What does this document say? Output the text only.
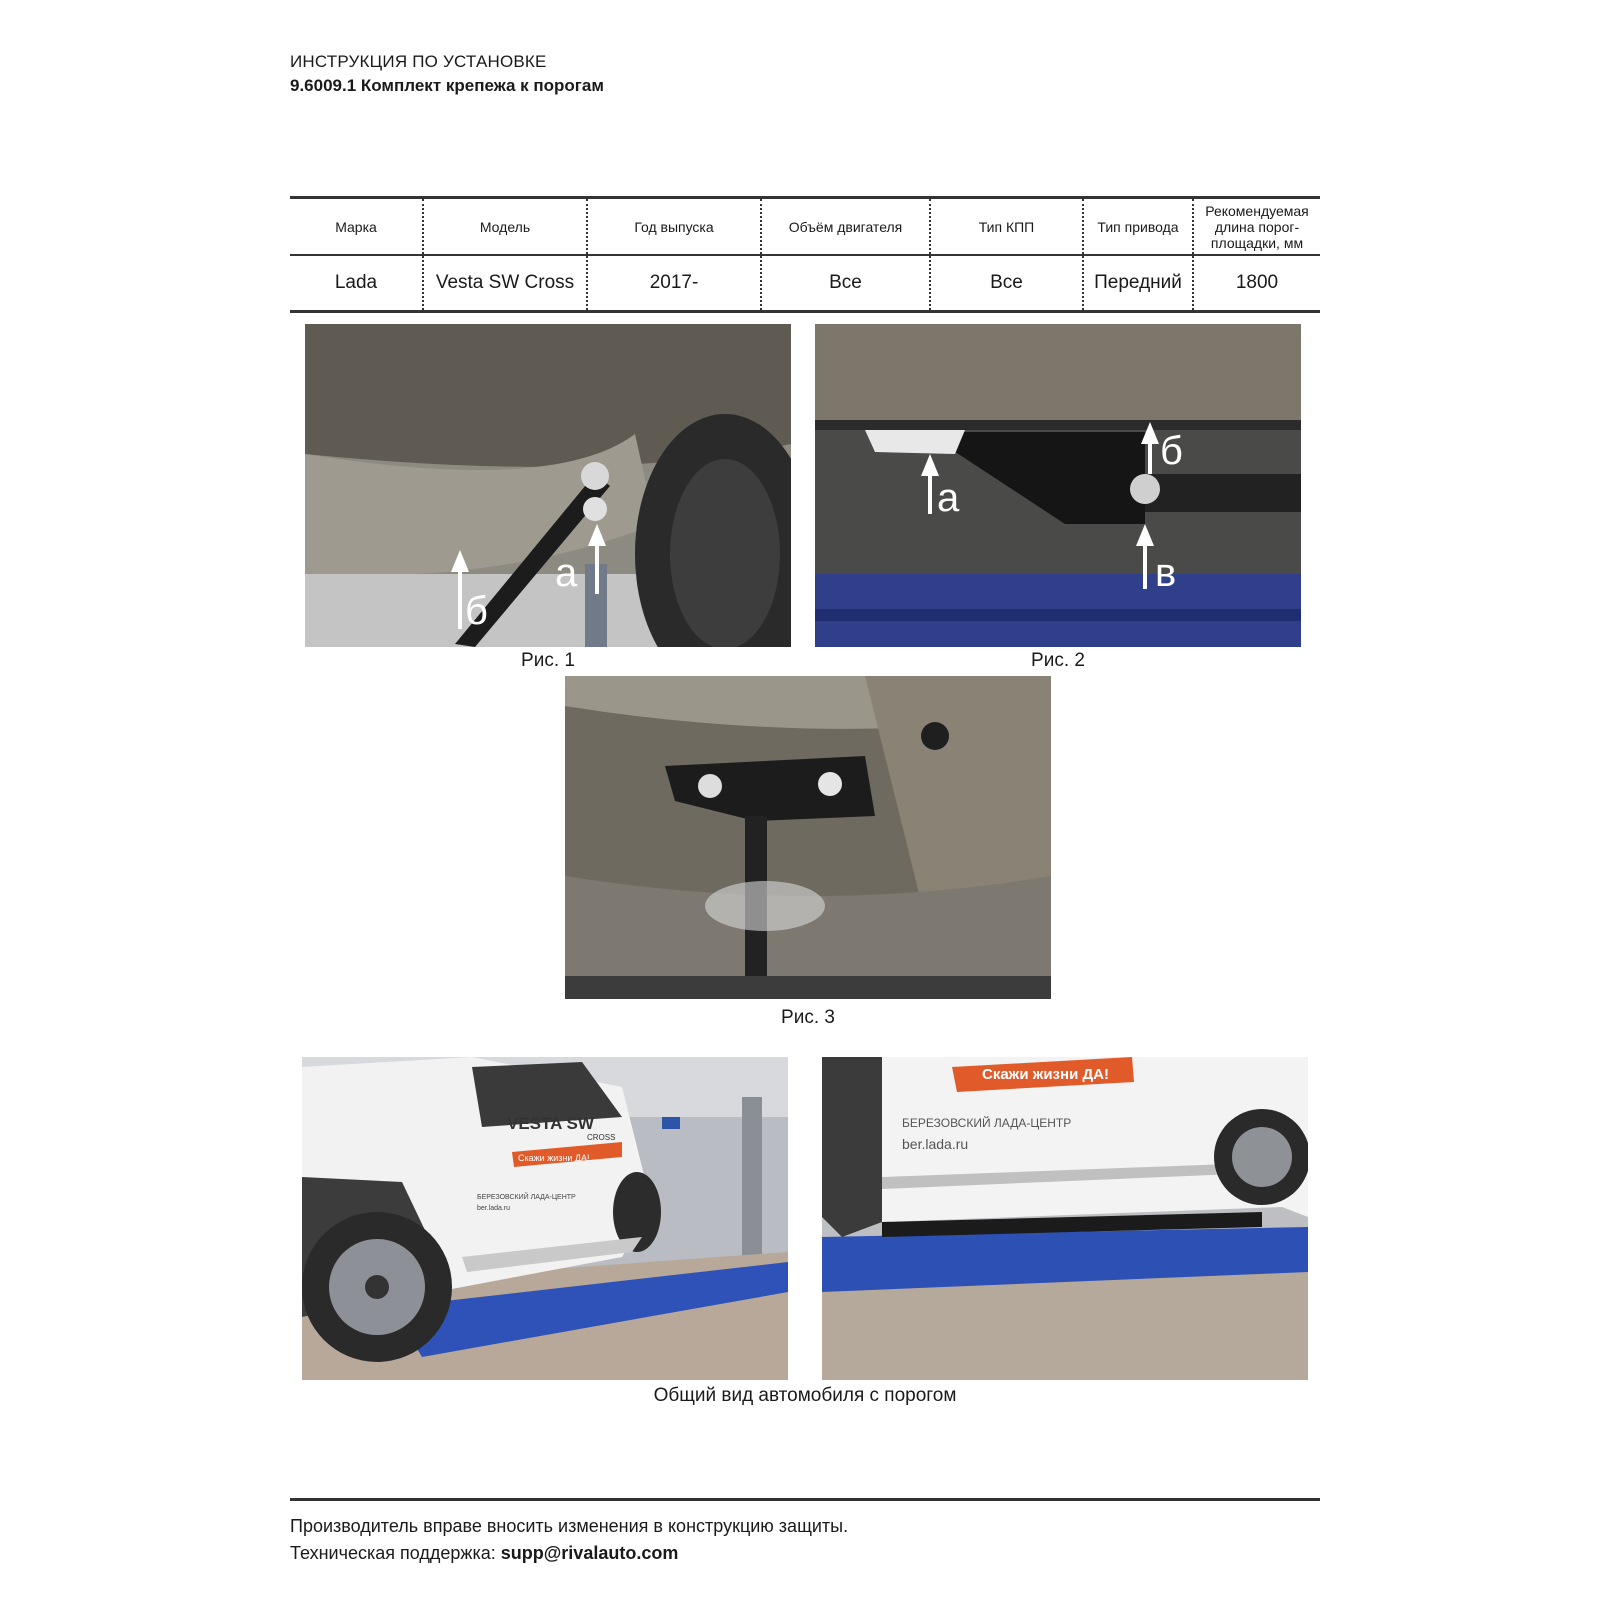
ИНСТРУКЦИЯ ПО УСТАНОВКЕ
9.6009.1 Комплект крепежа к порогам
Марка	Модель	Год выпуска	Объём двигателя	Тип КПП	Тип привода	Рекомендуемая длина порог-площадки, мм
Lada	Vesta SW Cross	2017-	Все	Все	Передний	1800
а
б
Рис. 1
а
б
в
Рис. 2
Рис. 3
VESTA SW
CROSS
Скажи жизни ДА!
БЕРЕЗОВСКИЙ ЛАДА-ЦЕНТР
ber.lada.ru
Скажи жизни ДА!
БЕРЕЗОВСКИЙ ЛАДА-ЦЕНТР
ber.lada.ru
Общий вид автомобиля с порогом
Производитель вправе вносить изменения в конструкцию защиты.
Техническая поддержка: supp@rivalauto.com
